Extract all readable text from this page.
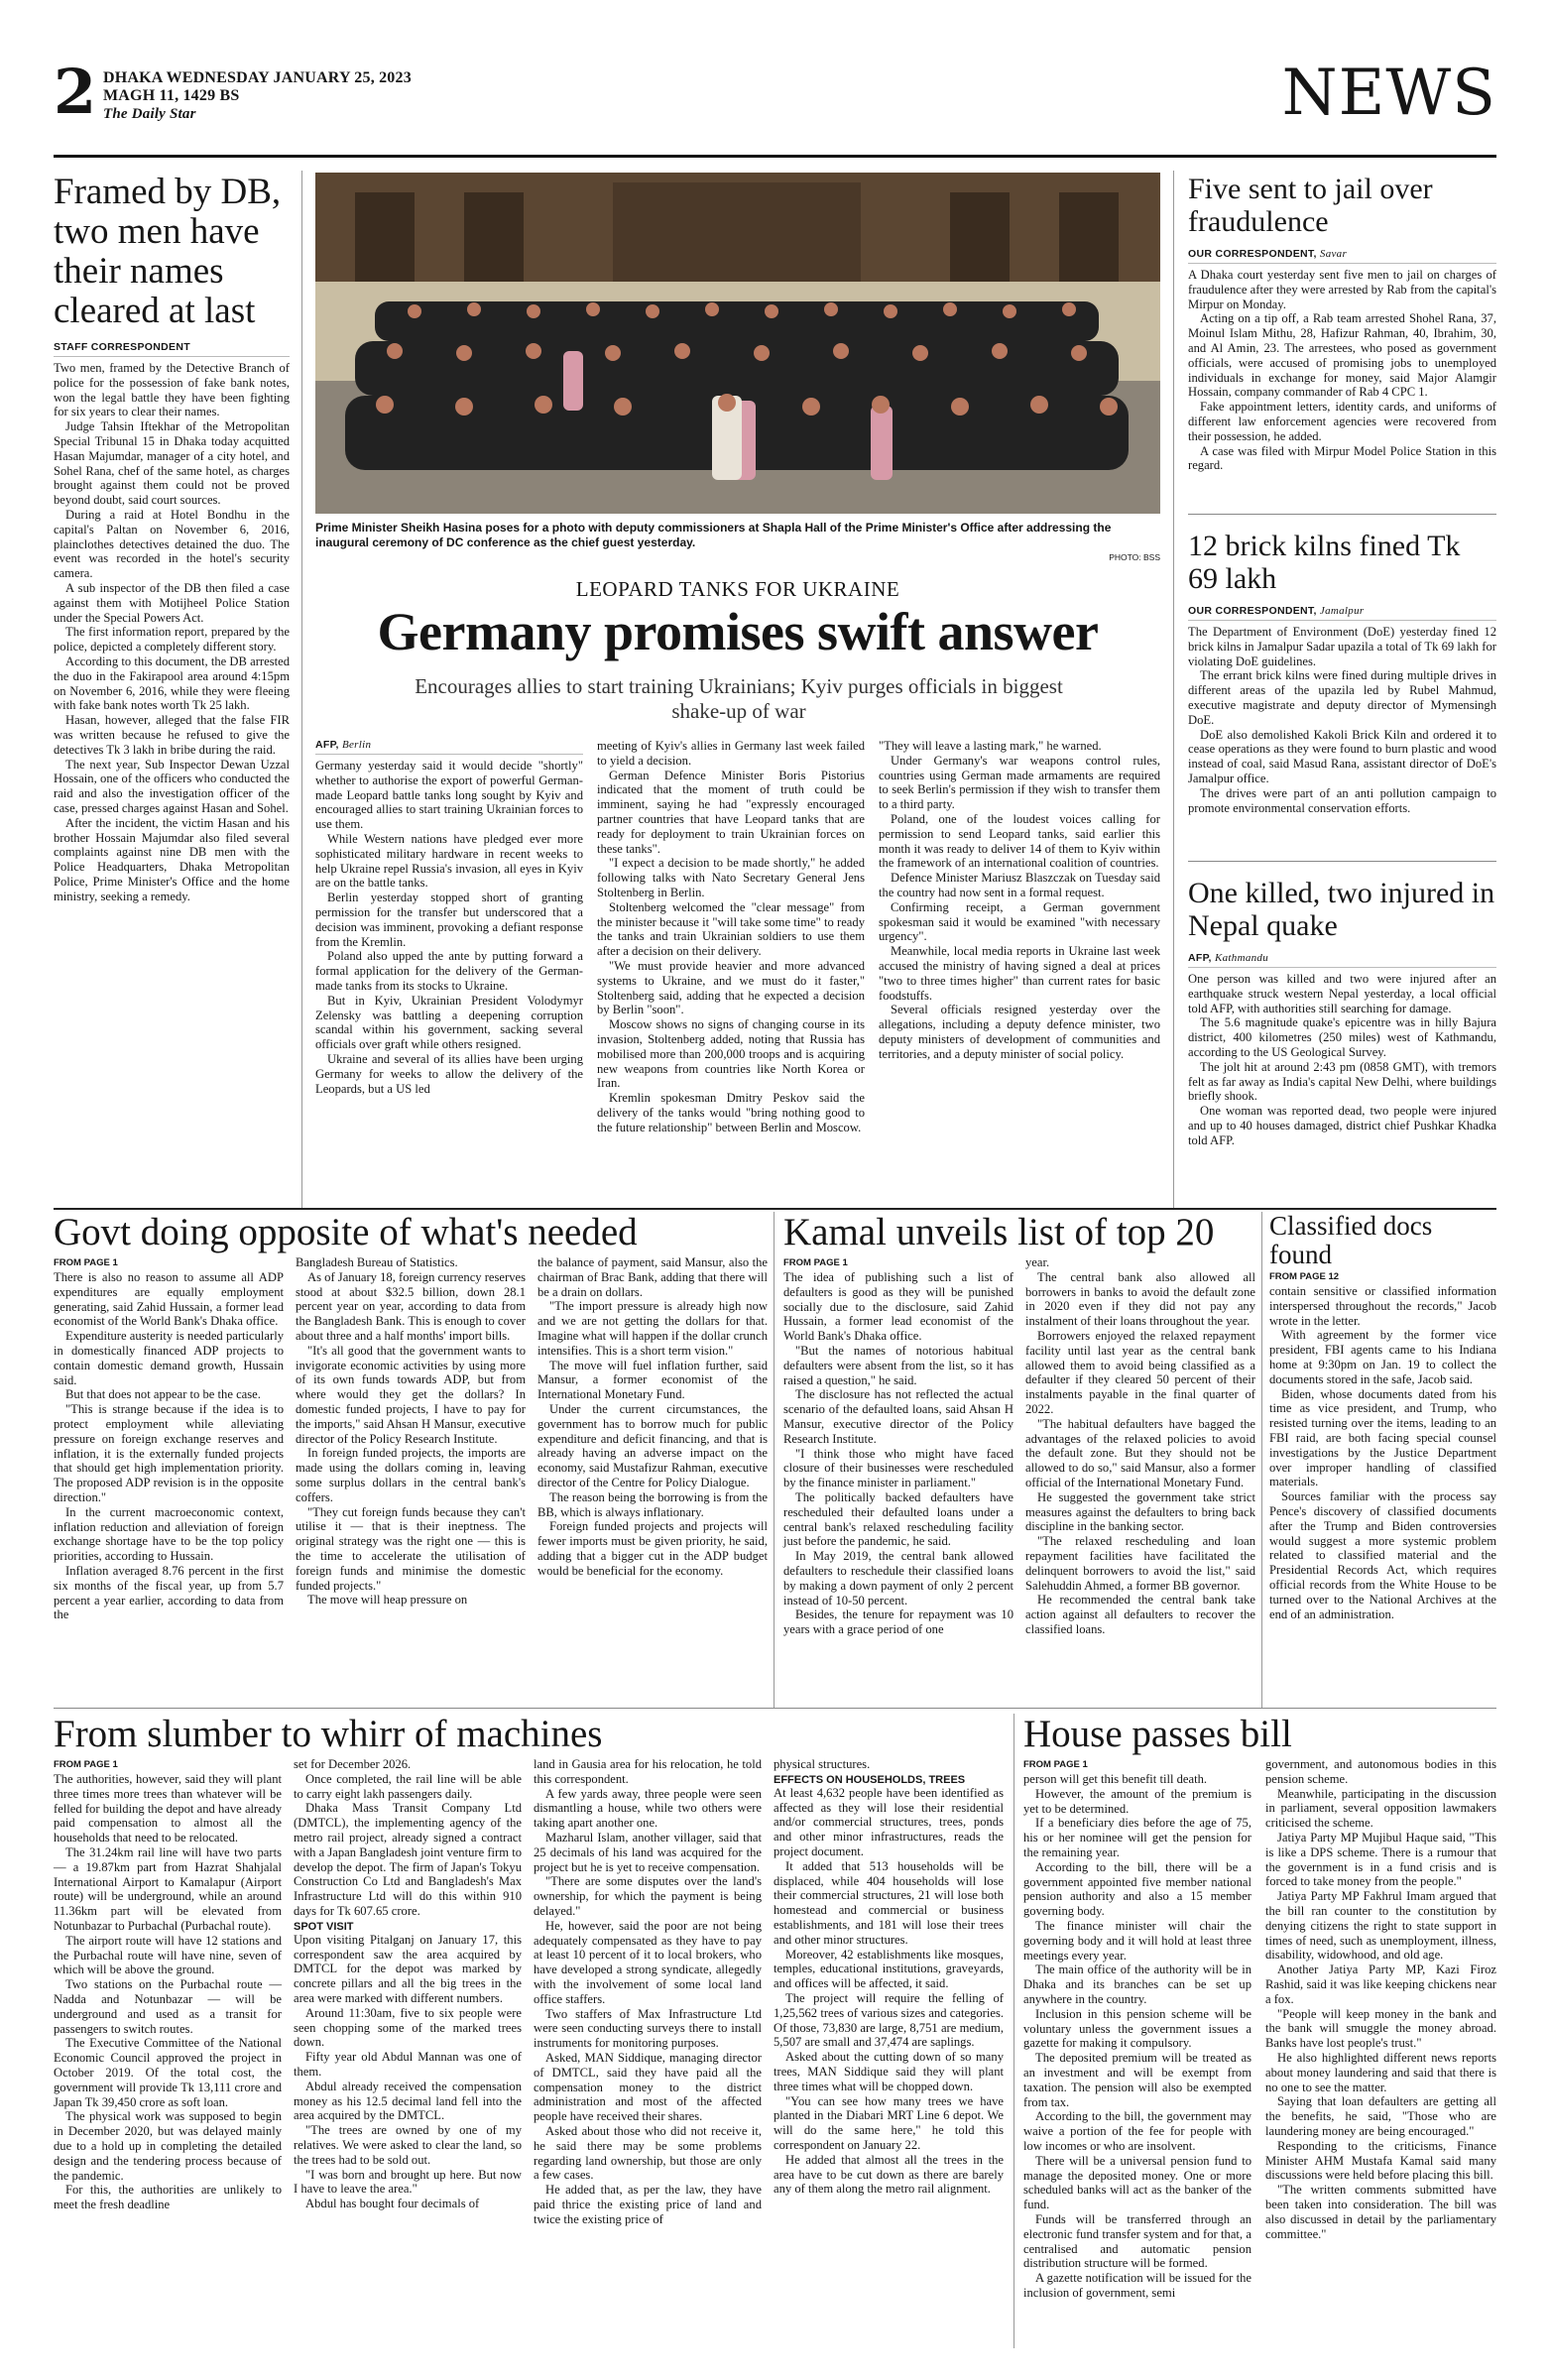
2 DHAKA WEDNESDAY JANUARY 25, 2023
MAGH 11, 1429 BS
The Daily Star	NEWS
Framed by DB, two men have their names cleared at last
STAFF CORRESPONDENT

Two men, framed by the Detective Branch of police for the possession of fake bank notes, won the legal battle they have been fighting for six years to clear their names.

Judge Tahsin Iftekhar of the Metropolitan Special Tribunal 15 in Dhaka today acquitted Hasan Majumdar, manager of a city hotel, and Sohel Rana, chef of the same hotel, as charges brought against them could not be proved beyond doubt, said court sources.

During a raid at Hotel Bondhu in the capital's Paltan on November 6, 2016, plainclothes detectives detained the duo. The event was recorded in the hotel's security camera.

A sub inspector of the DB then filed a case against them with Motijheel Police Station under the Special Powers Act.

The first information report, prepared by the police, depicted a completely different story.

According to this document, the DB arrested the duo in the Fakirapool area around 4:15pm on November 6, 2016, while they were fleeing with fake bank notes worth Tk 25 lakh.

Hasan, however, alleged that the false FIR was written because he refused to give the detectives Tk 3 lakh in bribe during the raid.

The next year, Sub Inspector Dewan Uzzal Hossain, one of the officers who conducted the raid and also the investigation officer of the case, pressed charges against Hasan and Sohel.

After the incident, the victim Hasan and his brother Hossain Majumdar also filed several complaints against nine DB men with the Police Headquarters, Dhaka Metropolitan Police, Prime Minister's Office and the home ministry, seeking a remedy.

Prime Minister Sheikh Hasina poses for a photo with deputy commissioners at Shapla Hall of the Prime Minister's Office after addressing the inaugural ceremony of DC conference as the chief guest yesterday.
PHOTO: BSS
LEOPARD TANKS FOR UKRAINE
Germany promises swift answer
Encourages allies to start training Ukrainians; Kyiv purges officials in biggest shake-up of war
AFP, Berlin

Germany yesterday said it would decide "shortly" whether to authorise the export of powerful German-made Leopard battle tanks long sought by Kyiv and encouraged allies to start training Ukrainian forces to use them.

While Western nations have pledged ever more sophisticated military hardware in recent weeks to help Ukraine repel Russia's invasion, all eyes in Kyiv are on the battle tanks.

Berlin yesterday stopped short of granting permission for the transfer but underscored that a decision was imminent, provoking a defiant response from the Kremlin.

Poland also upped the ante by putting forward a formal application for the delivery of the German-made tanks from its stocks to Ukraine.

But in Kyiv, Ukrainian President Volodymyr Zelensky was battling a deepening corruption scandal within his government, sacking several officials over graft while others resigned.

Ukraine and several of its allies have been urging Germany for weeks to allow the delivery of the Leopards, but a US led

meeting of Kyiv's allies in Germany last week failed to yield a decision.

German Defence Minister Boris Pistorius indicated that the moment of truth could be imminent, saying he had "expressly encouraged partner countries that have Leopard tanks that are ready for deployment to train Ukrainian forces on these tanks".

"I expect a decision to be made shortly," he added following talks with Nato Secretary General Jens Stoltenberg in Berlin.

Stoltenberg welcomed the "clear message" from the minister because it "will take some time" to ready the tanks and train Ukrainian soldiers to use them after a decision on their delivery.

"We must provide heavier and more advanced systems to Ukraine, and we must do it faster," Stoltenberg said, adding that he expected a decision by Berlin "soon".

Moscow shows no signs of changing course in its invasion, Stoltenberg added, noting that Russia has mobilised more than 200,000 troops and is acquiring new weapons from countries like North Korea or Iran.

Kremlin spokesman Dmitry Peskov said the delivery of the tanks would "bring nothing good to the future relationship" between Berlin and Moscow.

"They will leave a lasting mark," he warned.

Under Germany's war weapons control rules, countries using German made armaments are required to seek Berlin's permission if they wish to transfer them to a third party.

Poland, one of the loudest voices calling for permission to send Leopard tanks, said earlier this month it was ready to deliver 14 of them to Kyiv within the framework of an international coalition of countries.

Defence Minister Mariusz Blaszczak on Tuesday said the country had now sent in a formal request.

Confirming receipt, a German government spokesman said it would be examined "with necessary urgency".

Meanwhile, local media reports in Ukraine last week accused the ministry of having signed a deal at prices "two to three times higher" than current rates for basic foodstuffs.

Several officials resigned yesterday over the allegations, including a deputy defence minister, two deputy ministers of development of communities and territories, and a deputy minister of social policy.

Five sent to jail over fraudulence
OUR CORRESPONDENT, Savar

A Dhaka court yesterday sent five men to jail on charges of fraudulence after they were arrested by Rab from the capital's Mirpur on Monday.

Acting on a tip off, a Rab team arrested Shohel Rana, 37, Moinul Islam Mithu, 28, Hafizur Rahman, 40, Ibrahim, 30, and Al Amin, 23. The arrestees, who posed as government officials, were accused of promising jobs to unemployed individuals in exchange for money, said Major Alamgir Hossain, company commander of Rab 4 CPC 1.

Fake appointment letters, identity cards, and uniforms of different law enforcement agencies were recovered from their possession, he added.

A case was filed with Mirpur Model Police Station in this regard.

12 brick kilns fined Tk 69 lakh
OUR CORRESPONDENT, Jamalpur

The Department of Environment (DoE) yesterday fined 12 brick kilns in Jamalpur Sadar upazila a total of Tk 69 lakh for violating DoE guidelines.

The errant brick kilns were fined during multiple drives in different areas of the upazila led by Rubel Mahmud, executive magistrate and deputy director of Mymensingh DoE.

DoE also demolished Kakoli Brick Kiln and ordered it to cease operations as they were found to burn plastic and wood instead of coal, said Masud Rana, assistant director of DoE's Jamalpur office.

The drives were part of an anti pollution campaign to promote environmental conservation efforts.

One killed, two injured in Nepal quake
AFP, Kathmandu

One person was killed and two were injured after an earthquake struck western Nepal yesterday, a local official told AFP, with authorities still searching for damage.

The 5.6 magnitude quake's epicentre was in hilly Bajura district, 400 kilometres (250 miles) west of Kathmandu, according to the US Geological Survey.

The jolt hit at around 2:43 pm (0858 GMT), with tremors felt as far away as India's capital New Delhi, where buildings briefly shook.

One woman was reported dead, two people were injured and up to 40 houses damaged, district chief Pushkar Khadka told AFP.

Govt doing opposite of what's needed
FROM PAGE 1

There is also no reason to assume all ADP expenditures are equally employment generating, said Zahid Hussain, a former lead economist of the World Bank's Dhaka office.

Expenditure austerity is needed particularly in domestically financed ADP projects to contain domestic demand growth, Hussain said.

But that does not appear to be the case.

"This is strange because if the idea is to protect employment while alleviating pressure on foreign exchange reserves and inflation, it is the externally funded projects that should get high implementation priority. The proposed ADP revision is in the opposite direction."

In the current macroeconomic context, inflation reduction and alleviation of foreign exchange shortage have to be the top policy priorities, according to Hussain.

Inflation averaged 8.76 percent in the first six months of the fiscal year, up from 5.7 percent a year earlier, according to data from the

Bangladesh Bureau of Statistics.

As of January 18, foreign currency reserves stood at about $32.5 billion, down 28.1 percent year on year, according to data from the Bangladesh Bank. This is enough to cover about three and a half months' import bills.

"It's all good that the government wants to invigorate economic activities by using more of its own funds towards ADP, but from where would they get the dollars? In domestic funded projects, I have to pay for the imports," said Ahsan H Mansur, executive director of the Policy Research Institute.

In foreign funded projects, the imports are made using the dollars coming in, leaving some surplus dollars in the central bank's coffers.

"They cut foreign funds because they can't utilise it — that is their ineptness. The original strategy was the right one — this is the time to accelerate the utilisation of foreign funds and minimise the domestic funded projects."

The move will heap pressure on

the balance of payment, said Mansur, also the chairman of Brac Bank, adding that there will be a drain on dollars.

"The import pressure is already high now and we are not getting the dollars for that. Imagine what will happen if the dollar crunch intensifies. This is a short term vision."

The move will fuel inflation further, said Mansur, a former economist of the International Monetary Fund.

Under the current circumstances, the government has to borrow much for public expenditure and deficit financing, and that is already having an adverse impact on the economy, said Mustafizur Rahman, executive director of the Centre for Policy Dialogue.

The reason being the borrowing is from the BB, which is always inflationary.

Foreign funded projects and projects will fewer imports must be given priority, he said, adding that a bigger cut in the ADP budget would be beneficial for the economy.

Kamal unveils list of top 20
FROM PAGE 1

The idea of publishing such a list of defaulters is good as they will be punished socially due to the disclosure, said Zahid Hussain, a former lead economist of the World Bank's Dhaka office.

"But the names of notorious habitual defaulters were absent from the list, so it has raised a question," he said.

The disclosure has not reflected the actual scenario of the defaulted loans, said Ahsan H Mansur, executive director of the Policy Research Institute.

"I think those who might have faced closure of their businesses were rescheduled by the finance minister in parliament."

The politically backed defaulters have rescheduled their defaulted loans under a central bank's relaxed rescheduling facility just before the pandemic, he said.

In May 2019, the central bank allowed defaulters to reschedule their classified loans by making a down payment of only 2 percent instead of 10-50 percent.

Besides, the tenure for repayment was 10 years with a grace period of one

year.

The central bank also allowed all borrowers in banks to avoid the default zone in 2020 even if they did not pay any instalment of their loans throughout the year.

Borrowers enjoyed the relaxed repayment facility until last year as the central bank allowed them to avoid being classified as a defaulter if they cleared 50 percent of their instalments payable in the final quarter of 2022.

"The habitual defaulters have bagged the advantages of the relaxed policies to avoid the default zone. But they should not be allowed to do so," said Mansur, also a former official of the International Monetary Fund.

He suggested the government take strict measures against the defaulters to bring back discipline in the banking sector.

"The relaxed rescheduling and loan repayment facilities have facilitated the delinquent borrowers to avoid the list," said Salehuddin Ahmed, a former BB governor.

He recommended the central bank take action against all defaulters to recover the classified loans.

Classified docs found
FROM PAGE 12

contain sensitive or classified information interspersed throughout the records," Jacob wrote in the letter.

With agreement by the former vice president, FBI agents came to his Indiana home at 9:30pm on Jan. 19 to collect the documents stored in the safe, Jacob said.

Biden, whose documents dated from his time as vice president, and Trump, who resisted turning over the items, leading to an FBI raid, are both facing special counsel investigations by the Justice Department over improper handling of classified materials.

Sources familiar with the process say Pence's discovery of classified documents after the Trump and Biden controversies would suggest a more systemic problem related to classified material and the Presidential Records Act, which requires official records from the White House to be turned over to the National Archives at the end of an administration.

From slumber to whirr of machines
FROM PAGE 1

The authorities, however, said they will plant three times more trees than whatever will be felled for building the depot and have already paid compensation to almost all the households that need to be relocated.

The 31.24km rail line will have two parts — a 19.87km part from Hazrat Shahjalal International Airport to Kamalapur (Airport route) will be underground, while an around 11.36km part will be elevated from Notunbazar to Purbachal (Purbachal route).

The airport route will have 12 stations and the Purbachal route will have nine, seven of which will be above the ground.

Two stations on the Purbachal route — Nadda and Notunbazar — will be underground and used as a transit for passengers to switch routes.

The Executive Committee of the National Economic Council approved the project in October 2019. Of the total cost, the government will provide Tk 13,111 crore and Japan Tk 39,450 crore as soft loan.

The physical work was supposed to begin in December 2020, but was delayed mainly due to a hold up in completing the detailed design and the tendering process because of the pandemic.

For this, the authorities are unlikely to meet the fresh deadline

set for December 2026.

Once completed, the rail line will be able to carry eight lakh passengers daily.

Dhaka Mass Transit Company Ltd (DMTCL), the implementing agency of the metro rail project, already signed a contract with a Japan Bangladesh joint venture firm to develop the depot. The firm of Japan's Tokyu Construction Co Ltd and Bangladesh's Max Infrastructure Ltd will do this within 910 days for Tk 607.65 crore.

SPOT VISIT

Upon visiting Pitalganj on January 17, this correspondent saw the area acquired by DMTCL for the depot was marked by concrete pillars and all the big trees in the area were marked with different numbers.

Around 11:30am, five to six people were seen chopping some of the marked trees down.

Fifty year old Abdul Mannan was one of them.

Abdul already received the compensation money as his 12.5 decimal land fell into the area acquired by the DMTCL.

"The trees are owned by one of my relatives. We were asked to clear the land, so the trees had to be sold out.

"I was born and brought up here. But now I have to leave the area."

Abdul has bought four decimals of

land in Gausia area for his relocation, he told this correspondent.

A few yards away, three people were seen dismantling a house, while two others were taking apart another one.

Mazharul Islam, another villager, said that 25 decimals of his land was acquired for the project but he is yet to receive compensation.

"There are some disputes over the land's ownership, for which the payment is being delayed."

He, however, said the poor are not being adequately compensated as they have to pay at least 10 percent of it to local brokers, who have developed a strong syndicate, allegedly with the involvement of some local land office staffers.

Two staffers of Max Infrastructure Ltd were seen conducting surveys there to install instruments for monitoring purposes.

Asked, MAN Siddique, managing director of DMTCL, said they have paid all the compensation money to the district administration and most of the affected people have received their shares.

Asked about those who did not receive it, he said there may be some problems regarding land ownership, but those are only a few cases.

He added that, as per the law, they have paid thrice the existing price of land and twice the existing price of

physical structures.

EFFECTS ON HOUSEHOLDS, TREES

At least 4,632 people have been identified as affected as they will lose their residential and/or commercial structures, trees, ponds and other minor infrastructures, reads the project document.

It added that 513 households will be displaced, while 404 households will lose their commercial structures, 21 will lose both homestead and commercial or business establishments, and 181 will lose their trees and other minor structures.

Moreover, 42 establishments like mosques, temples, educational institutions, graveyards, and offices will be affected, it said.

The project will require the felling of 1,25,562 trees of various sizes and categories. Of those, 73,830 are large, 8,751 are medium, 5,507 are small and 37,474 are saplings.

Asked about the cutting down of so many trees, MAN Siddique said they will plant three times what will be chopped down.

"You can see how many trees we have planted in the Diabari MRT Line 6 depot. We will do the same here," he told this correspondent on January 22.

He added that almost all the trees in the area have to be cut down as there are barely any of them along the metro rail alignment.

House passes bill
FROM PAGE 1

person will get this benefit till death.

However, the amount of the premium is yet to be determined.

If a beneficiary dies before the age of 75, his or her nominee will get the pension for the remaining year.

According to the bill, there will be a government appointed five member national pension authority and also a 15 member governing body.

The finance minister will chair the governing body and it will hold at least three meetings every year.

The main office of the authority will be in Dhaka and its branches can be set up anywhere in the country.

Inclusion in this pension scheme will be voluntary unless the government issues a gazette for making it compulsory.

The deposited premium will be treated as an investment and will be exempt from taxation. The pension will also be exempted from tax.

According to the bill, the government may waive a portion of the fee for people with low incomes or who are insolvent.

There will be a universal pension fund to manage the deposited money. One or more scheduled banks will act as the banker of the fund.

Funds will be transferred through an electronic fund transfer system and for that, a centralised and automatic pension distribution structure will be formed.

A gazette notification will be issued for the inclusion of government, semi

government, and autonomous bodies in this pension scheme.

Meanwhile, participating in the discussion in parliament, several opposition lawmakers criticised the scheme.

Jatiya Party MP Mujibul Haque said, "This is like a DPS scheme. There is a rumour that the government is in a fund crisis and is forced to take money from the people."

Jatiya Party MP Fakhrul Imam argued that the bill ran counter to the constitution by denying citizens the right to state support in times of need, such as unemployment, illness, disability, widowhood, and old age.

Another Jatiya Party MP, Kazi Firoz Rashid, said it was like keeping chickens near a fox.

"People will keep money in the bank and the bank will smuggle the money abroad. Banks have lost people's trust."

He also highlighted different news reports about money laundering and said that there is no one to see the matter.

Saying that loan defaulters are getting all the benefits, he said, "Those who are laundering money are being encouraged."

Responding to the criticisms, Finance Minister AHM Mustafa Kamal said many discussions were held before placing this bill.

"The written comments submitted have been taken into consideration. The bill was also discussed in detail by the parliamentary committee."
